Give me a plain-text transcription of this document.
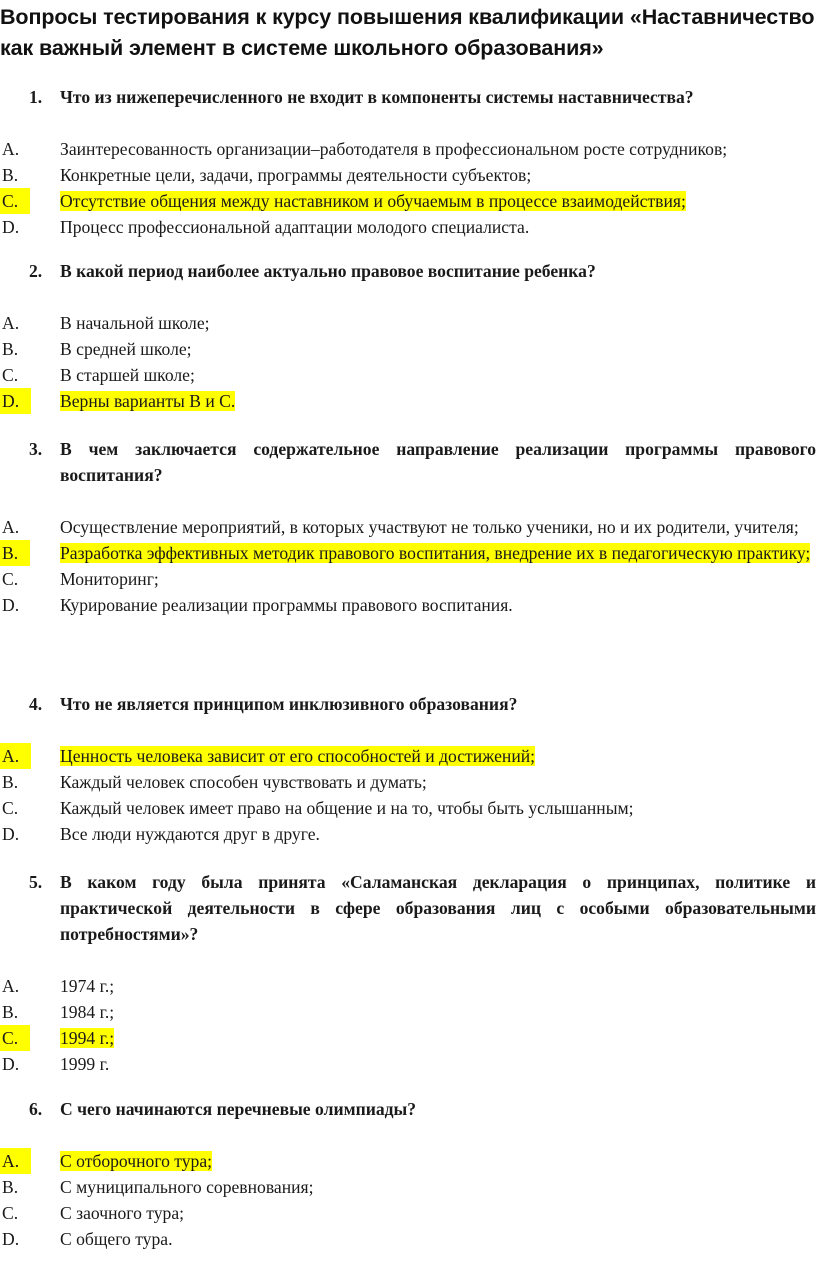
Вопросы тестирования к курсу повышения квалификации «Наставничество как важный элемент в системе школьного образования»

1. Что из нижеперечисленного не входит в компоненты системы наставничества?

A. Заинтересованность организации–работодателя в профессиональном росте сотрудников;

B. Конкретные цели, задачи, программы деятельности субъектов;

C.	Отсутствие общения между наставником и обучаемым в процессе взаимодействия;

D. Процесс профессиональной адаптации молодого специалиста.

2. В какой период наиболее актуально правовое воспитание ребенка?

A. В начальной школе;

B. В средней школе;

C. В старшей школе;

D.	Верны варианты B и C.

3. В чем заключается содержательное направление реализации программы правового воспитания?

A. Осуществление мероприятий, в которых участвуют не только ученики, но и их родители, учителя;

B.	Разработка эффективных методик правового воспитания, внедрение их в педагогическую практику;

C. Мониторинг;

D. Курирование реализации программы правового воспитания.

4. Что не является принципом инклюзивного образования?

A.	Ценность человека зависит от его способностей и достижений;

B. Каждый человек способен чувствовать и думать;

C. Каждый человек имеет право на общение и на то, чтобы быть услышанным;

D. Все люди нуждаются друг в друге.

5. В каком году была принята «Саламанская декларация о принципах, политике и практической деятельности в сфере образования лиц с особыми образовательными потребностями»?

A. 1974 г.;

B. 1984 г.;

C.	1994 г.;

D. 1999 г.

6. С чего начинаются перечневые олимпиады?

A.	С отборочного тура;

B. С муниципального соревнования;

C. С заочного тура;

D. С общего тура.
